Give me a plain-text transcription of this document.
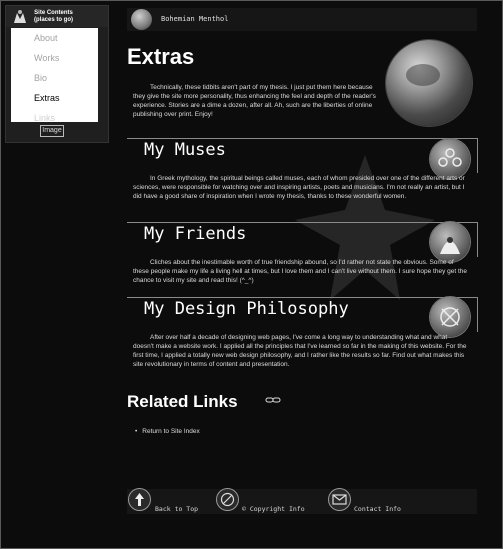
Site Contents
(places to go)
About
Works
Bio
Extras
Links
Image
Bohemian Menthol
Extras

Technically, these tidbits aren't part of my thesis. I just put them here because they give the site more personality, thus enhancing the feel and depth of the reader's experience. Stories are a dime a dozen, after all. Ah, such are the liberties of online publishing over print. Enjoy!

My Muses

In Greek mythology, the spiritual beings called muses, each of whom presided over one of the different arts or sciences, were responsible for watching over and inspiring artists, poets and musicians. I'm not really an artist, but I did have a good share of inspiration when I wrote my thesis, thanks to these wonderful women.

My Friends

Cliches about the inestimable worth of true friendship abound, so I'd rather not state the obvious. Some of these people make my life a living hell at times, but I love them and I can't live without them. I sure hope they get the chance to visit my site and read this! (^_^)

My Design Philosophy

After over half a decade of designing web pages, I've come a long way to understanding what and what doesn't make a website work. I applied all the principles that I've learned so far in the making of this website. For the first time, I applied a totally new web design philosophy, and I rather like the results so far. Find out what makes this site revolutionary in terms of content and presentation.

Related Links
• Return to Site Index
Back to Top	© Copyright Info	Contact Info
